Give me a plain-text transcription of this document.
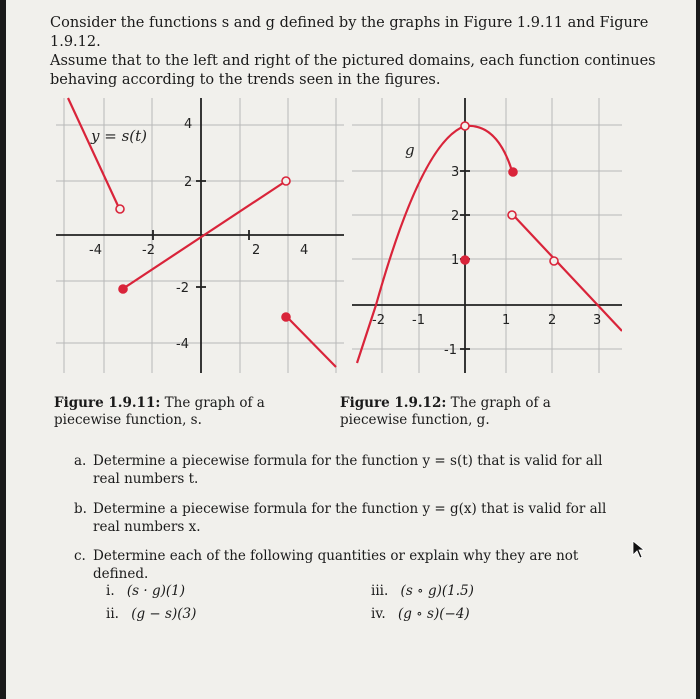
Consider the functions s and g defined by the graphs in Figure 1.9.11 and Figure 1.9.12.
Assume that to the left and right of the pictured domains, each function continues
behaving according to the trends seen in the figures.
-4	-2	2	4
4
2
-2
-4
y = s(t)
-2 -1	1	2	3
3
2
1
-1
g
Figure 1.9.11: The graph of a piecewise function, s.
Figure 1.9.12: The graph of a piecewise function, g.
a. Determine a piecewise formula for the function y = s(t) that is valid for all real numbers t.
b. Determine a piecewise formula for the function y = g(x) that is valid for all real numbers x.
c. Determine each of the following quantities or explain why they are not defined.
i. (s · g)(1)
ii. (g − s)(3)
iii. (s ∘ g)(1.5)
iv. (g ∘ s)(−4)
